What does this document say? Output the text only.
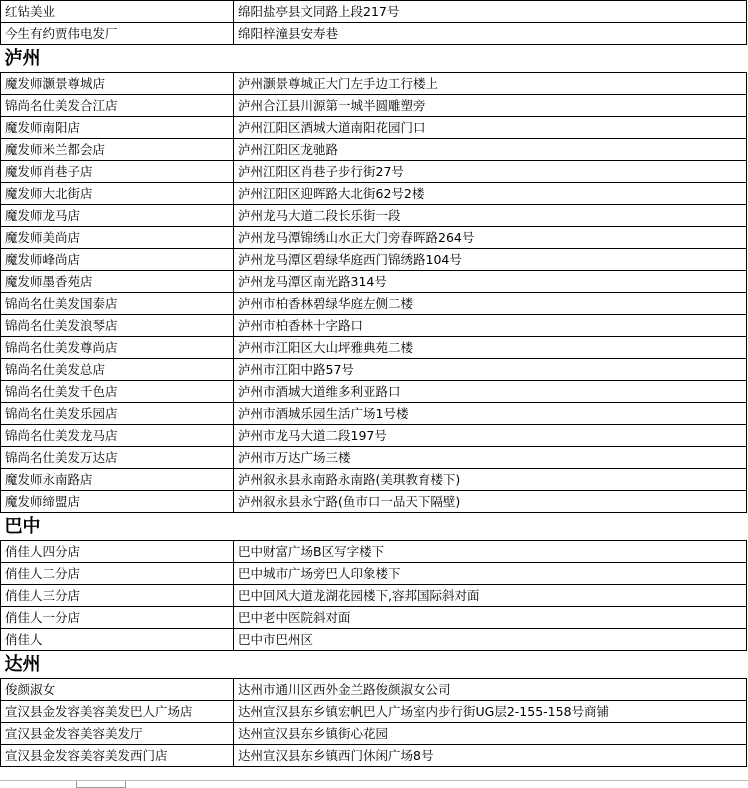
红钻美业	绵阳盐亭县文同路上段217号
今生有约贾伟电发厂	绵阳梓潼县安寿巷
泸州	
魔发师灏景尊城店	泸州灏景尊城正大门左手边工行楼上
锦尚名仕美发合江店	泸州合江县川源第一城半圆雕塑旁
魔发师南阳店	泸州江阳区酒城大道南阳花园门口
魔发师米兰都会店	泸州江阳区龙驰路
魔发师肖巷子店	泸州江阳区肖巷子步行街27号
魔发师大北街店	泸州江阳区迎晖路大北街62号2楼
魔发师龙马店	泸州龙马大道二段长乐街一段
魔发师美尚店	泸州龙马潭锦绣山水正大门旁春晖路264号
魔发师峰尚店	泸州龙马潭区碧绿华庭西门锦绣路104号
魔发师墨香苑店	泸州龙马潭区南光路314号
锦尚名仕美发国泰店	泸州市柏香林碧绿华庭左侧二楼
锦尚名仕美发浪琴店	泸州市柏香林十字路口
锦尚名仕美发尊尚店	泸州市江阳区大山坪雅典苑二楼
锦尚名仕美发总店	泸州市江阳中路57号
锦尚名仕美发千色店	泸州市酒城大道维多利亚路口
锦尚名仕美发乐园店	泸州市酒城乐园生活广场1号楼
锦尚名仕美发龙马店	泸州市龙马大道二段197号
锦尚名仕美发万达店	泸州市万达广场三楼
魔发师永南路店	泸州叙永县永南路永南路(美琪教育楼下)
魔发师缔盟店	泸州叙永县永宁路(鱼市口一品天下隔壁)
巴中	
俏佳人四分店	巴中财富广场B区写字楼下
俏佳人二分店	巴中城市广场旁巴人印象楼下
俏佳人三分店	巴中回风大道龙湖花园楼下,容邦国际斜对面
俏佳人一分店	巴中老中医院斜对面
俏佳人	巴中市巴州区
达州	
俊颜淑女	达州市通川区西外金兰路俊颜淑女公司
宣汉县金发容美容美发巴人广场店	达州宣汉县东乡镇宏帆巴人广场室内步行街UG层2-155-158号商铺
宣汉县金发容美容美发厅	达州宣汉县东乡镇街心花园
宣汉县金发容美容美发西门店	达州宣汉县东乡镇西门休闲广场8号
